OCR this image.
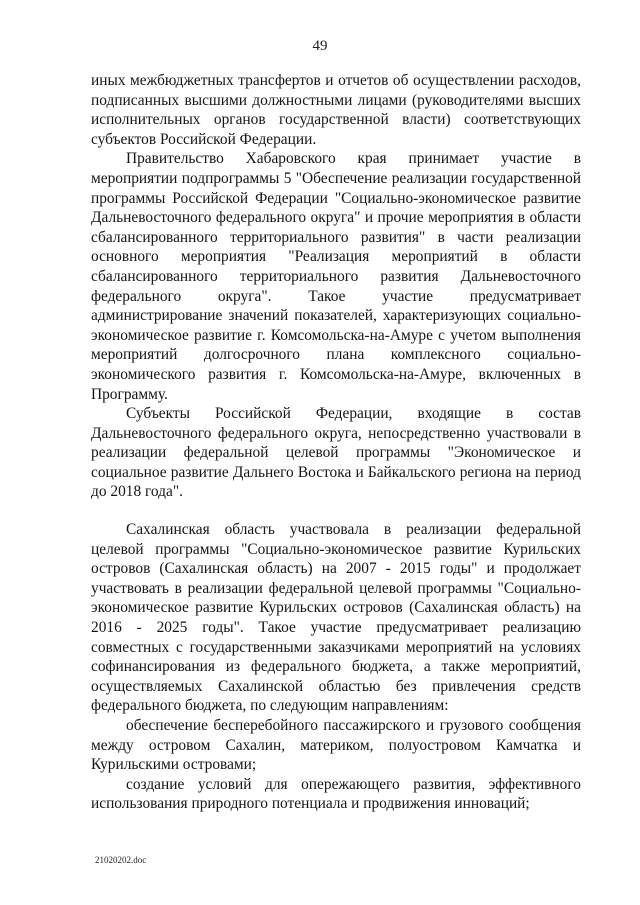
49

иных межбюджетных трансфертов и отчетов об осуществлении расходов, подписанных высшими должностными лицами (руководителями высших исполнительных органов государственной власти) соответствующих субъектов Российской Федерации.

Правительство Хабаровского края принимает участие в мероприятии подпрограммы 5 "Обеспечение реализации государственной программы Российской Федерации "Социально-экономическое развитие Дальневосточного федерального округа" и прочие мероприятия в области сбалансированного территориального развития" в части реализации основного мероприятия "Реализация мероприятий в области сбалансированного территориального развития Дальневосточного федерального округа". Такое участие предусматривает администрирование значений показателей, характеризующих социально-экономическое развитие г. Комсомольска-на-Амуре с учетом выполнения мероприятий долгосрочного плана комплексного социально-экономического развития г. Комсомольска-на-Амуре, включенных в Программу.

Субъекты Российской Федерации, входящие в состав Дальневосточного федерального округа, непосредственно участвовали в реализации федеральной целевой программы "Экономическое и социальное развитие Дальнего Востока и Байкальского региона на период до 2018 года".

Сахалинская область участвовала в реализации федеральной целевой программы "Социально-экономическое развитие Курильских островов (Сахалинская область) на 2007 - 2015 годы" и продолжает участвовать в реализации федеральной целевой программы "Социально-экономическое развитие Курильских островов (Сахалинская область) на 2016 - 2025 годы". Такое участие предусматривает реализацию совместных с государственными заказчиками мероприятий на условиях софинансирования из федерального бюджета, а также мероприятий, осуществляемых Сахалинской областью без привлечения средств федерального бюджета, по следующим направлениям:

обеспечение бесперебойного пассажирского и грузового сообщения между островом Сахалин, материком, полуостровом Камчатка и Курильскими островами;

создание условий для опережающего развития, эффективного использования природного потенциала и продвижения инноваций;

21020202.doc
